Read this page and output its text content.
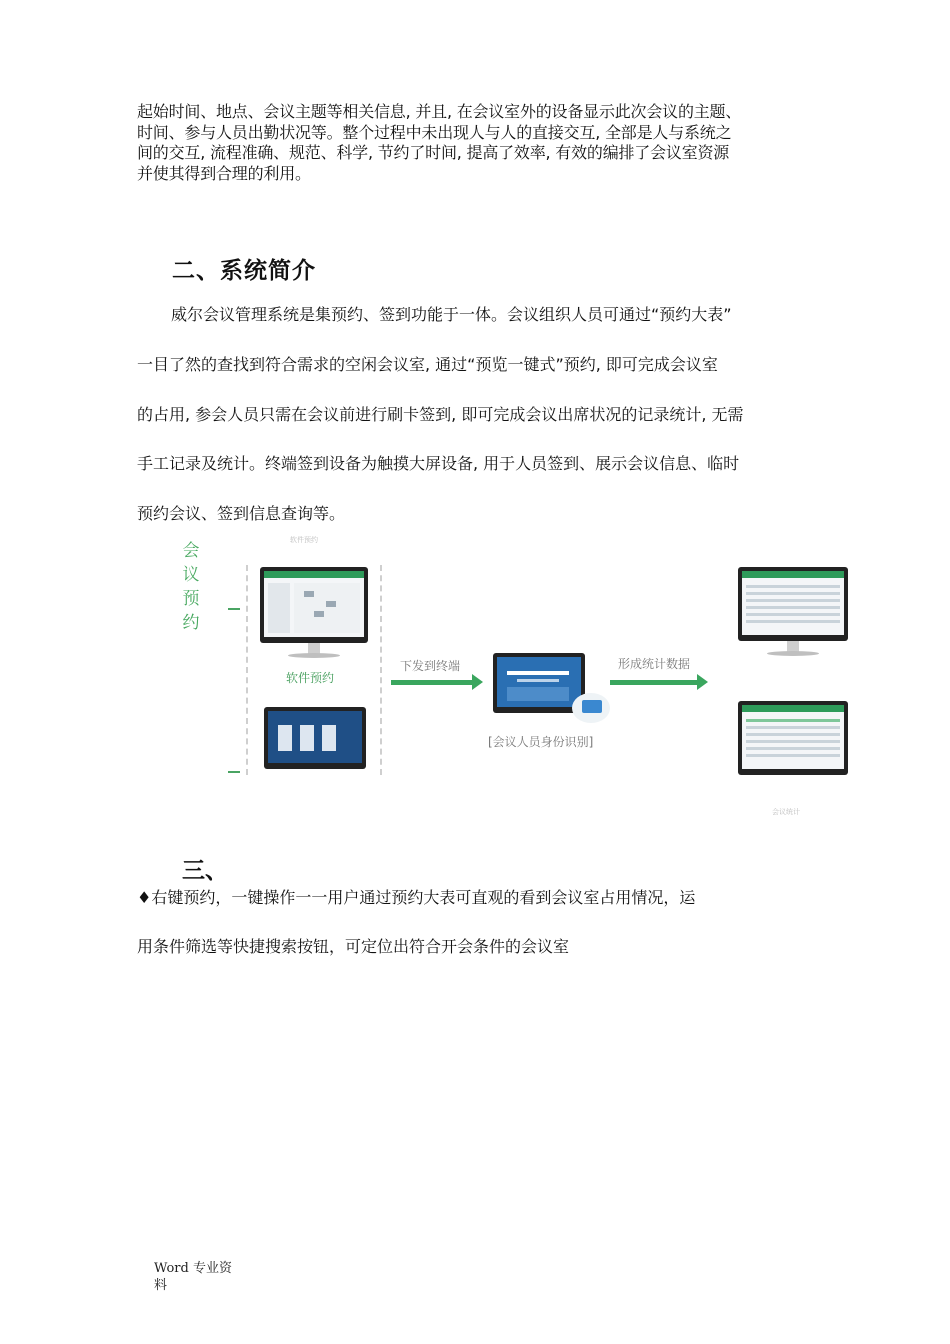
起始时间、地点、会议主题等相关信息, 并且, 在会议室外的设备显示此次会议的主题、
时间、参与人员出勤状况等。整个过程中未出现人与人的直接交互, 全部是人与系统之
间的交互, 流程准确、规范、科学, 节约了时间, 提高了效率, 有效的编排了会议室资源
并使其得到合理的利用。
二、系统简介
威尔会议管理系统是集预约、签到功能于一体。会议组织人员可通过“预约大表”
一目了然的查找到符合需求的空闲会议室, 通过“预览一键式”预约, 即可完成会议室
的占用, 参会人员只需在会议前进行刷卡签到, 即可完成会议出席状况的记录统计, 无需
手工记录及统计。终端签到设备为触摸大屏设备, 用于人员签到、展示会议信息、临时
预约会议、签到信息查询等。
会
议
预
约
软件预约
软件预约
下发到终端
[会议人员身份识别]
形成统计数据
会议统计
三、
♦右键预约，一键操作一一用户通过预约大表可直观的看到会议室占用情况，运
用条件筛选等快捷搜索按钮，可定位出符合开会条件的会议室
Word 专业资料
